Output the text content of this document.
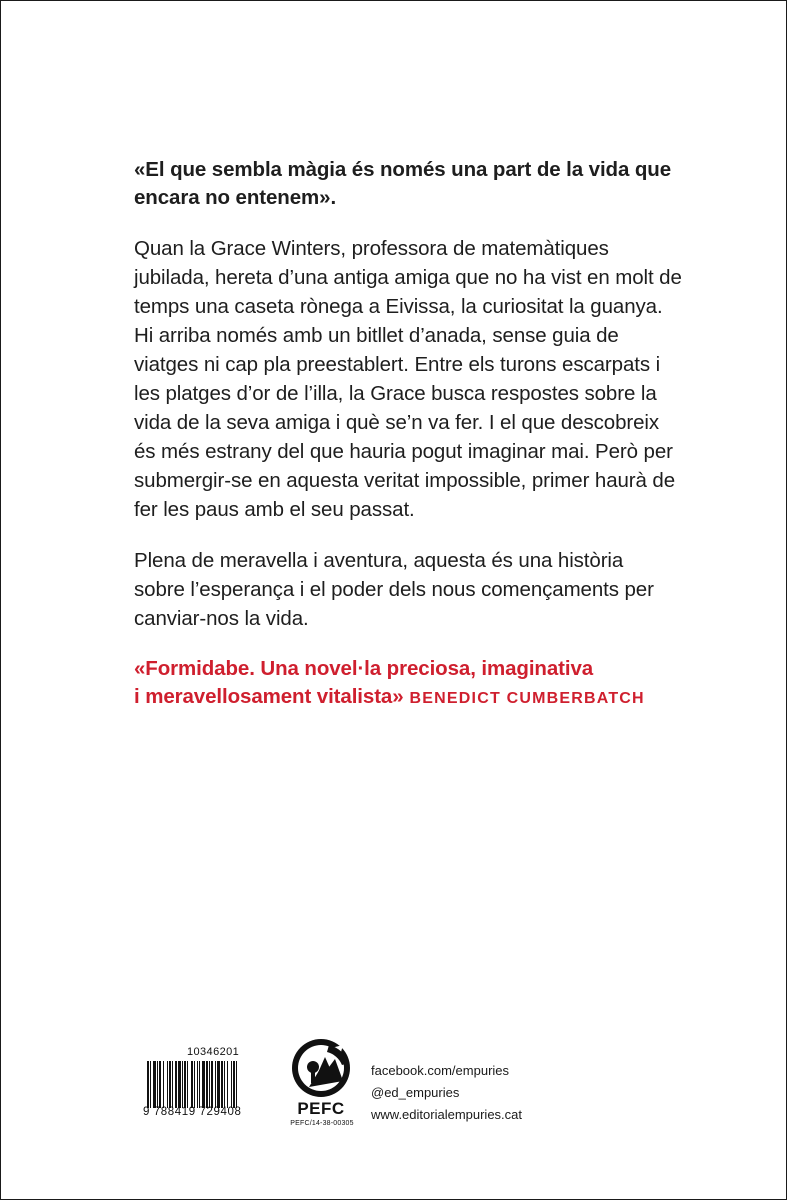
«El que sembla màgia és només una part de la vida que
encara no entenem».

Quan la Grace Winters, professora de matemàtiques
jubilada, hereta d’una antiga amiga que no ha vist en molt de
temps una caseta rònega a Eivissa, la curiositat la guanya.
Hi arriba només amb un bitllet d’anada, sense guia de
viatges ni cap pla preestablert. Entre els turons escarpats i
les platges d’or de l’illa, la Grace busca respostes sobre la
vida de la seva amiga i què se’n va fer. I el que descobreix
és més estrany del que hauria pogut imaginar mai. Però per
submergir-se en aquesta veritat impossible, primer haurà de
fer les paus amb el seu passat.

Plena de meravella i aventura, aquesta és una història
sobre l’esperança i el poder dels nous començaments per
canviar-nos la vida.

«Formidabe. Una novel·la preciosa, imaginativa
i meravellosament vitalista» BENEDICT CUMBERBATCH

10346201
9 788419 729408	PEFC
PEFC/14-38-00305
facebook.com/empuries
@ed_empuries
www.editorialempuries.cat
